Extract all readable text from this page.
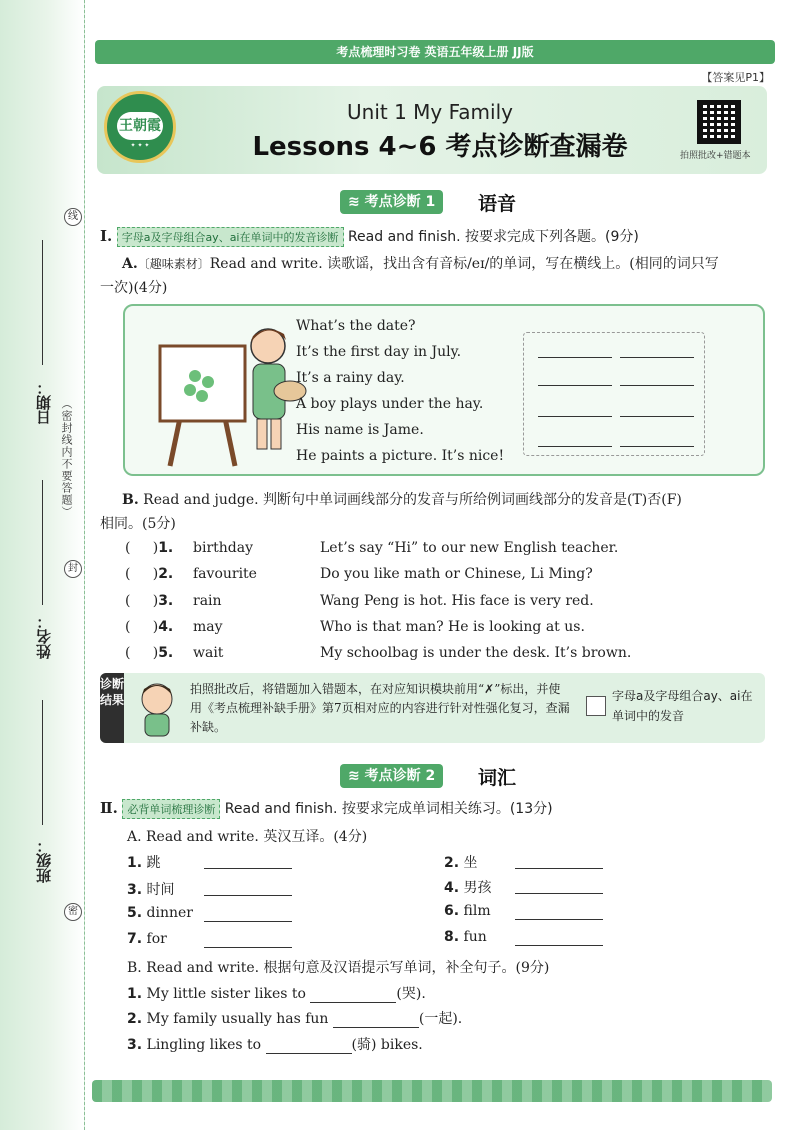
日期：
姓名：
班级：
（密封线内不要答题）
线
封
密
考点梳理时习卷 英语五年级上册 JJ版
【答案见P1】
王朝霞
✦ ✦ ✦
Unit 1 My Family
Lessons 4~6 考点诊断查漏卷	拍照批改+错题本
≋ 考点诊断 1	语音
Ⅰ. 字母a及字母组合ay、ai在单词中的发音诊断 Read and finish. 按要求完成下列各题。(9分)
A.〔趣味素材〕Read and write. 读歌谣，找出含有音标/eɪ/的单词，写在横线上。(相同的词只写
一次)(4分)
What’s the date?
It’s the first day in July.
It’s a rainy day.
A boy plays under the hay.
His name is Jame.
He paints a picture. It’s nice!
B. Read and judge. 判断句中单词画线部分的发音与所给例词画线部分的发音是(T)否(F)
相同。(5分)
(     )1. birthday	Let’s say “Hi” to our new English teacher.
(     )2. favourite	Do you like math or Chinese, Li Ming?
(     )3. rain	Wang Peng is hot. His face is very red.
(     )4. may	Who is that man? He is looking at us.
(     )5. wait	My schoolbag is under the desk. It’s brown.
诊断结果
拍照批改后，将错题加入错题本，在对应知识模块前用“✗”标出，并使用《考点梳理补缺手册》第7页相对应的内容进行针对性强化复习，查漏补缺。
字母a及字母组合ay、ai在单词中的发音
≋ 考点诊断 2	词汇
Ⅱ. 必背单词梳理诊断 Read and finish. 按要求完成单词相关练习。(13分)
A. Read and write. 英汉互译。(4分)
1. 跳	2. 坐
3. 时间	4. 男孩
5. dinner	6. film
7. for	8. fun
B. Read and write. 根据句意及汉语提示写单词，补全句子。(9分)
1. My little sister likes to	(哭).
2. My family usually has fun	(一起).
3. Lingling likes to	(骑) bikes.
